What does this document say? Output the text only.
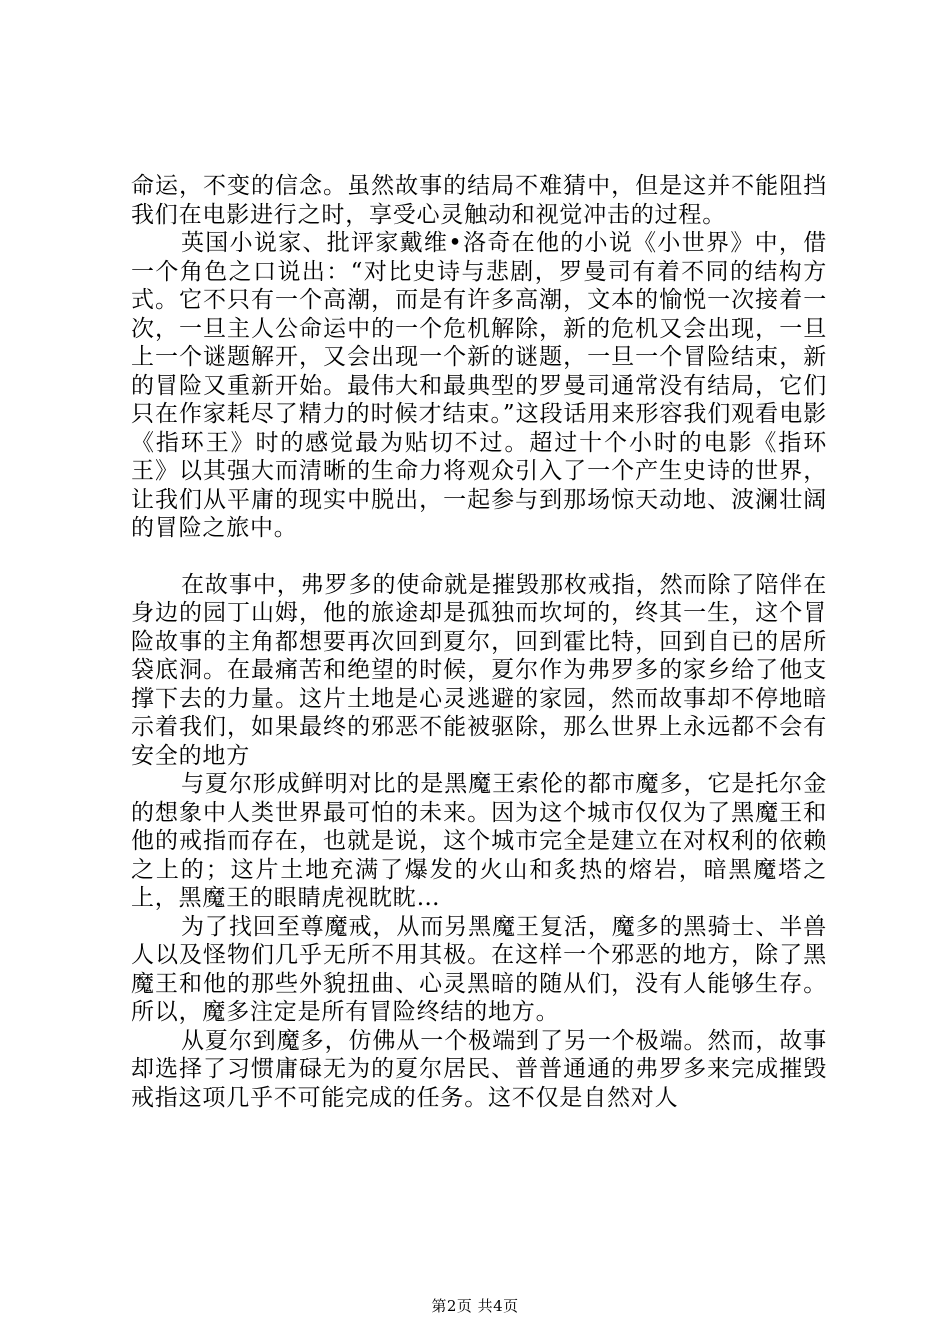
命运，不变的信念。虽然故事的结局不难猜中，但是这并不能阻挡我们在电影进行之时，享受心灵触动和视觉冲击的过程。

英国小说家、批评家戴维•洛奇在他的小说《小世界》中，借一个角色之口说出：“对比史诗与悲剧，罗曼司有着不同的结构方式。它不只有一个高潮，而是有许多高潮，文本的愉悦一次接着一次，一旦主人公命运中的一个危机解除，新的危机又会出现，一旦上一个谜题解开，又会出现一个新的谜题，一旦一个冒险结束，新的冒险又重新开始。最伟大和最典型的罗曼司通常没有结局，它们只在作家耗尽了精力的时候才结束。”这段话用来形容我们观看电影《指环王》时的感觉最为贴切不过。超过十个小时的电影《指环王》以其强大而清晰的生命力将观众引入了一个产生史诗的世界，让我们从平庸的现实中脱出，一起参与到那场惊天动地、波澜壮阔的冒险之旅中。

在故事中，弗罗多的使命就是摧毁那枚戒指，然而除了陪伴在身边的园丁山姆，他的旅途却是孤独而坎坷的，终其一生，这个冒险故事的主角都想要再次回到夏尔，回到霍比特，回到自已的居所袋底洞。在最痛苦和绝望的时候，夏尔作为弗罗多的家乡给了他支撑下去的力量。这片土地是心灵逃避的家园，然而故事却不停地暗示着我们，如果最终的邪恶不能被驱除，那么世界上永远都不会有安全的地方

与夏尔形成鲜明对比的是黑魔王索伦的都市魔多，它是托尔金的想象中人类世界最可怕的未来。因为这个城市仅仅为了黑魔王和他的戒指而存在，也就是说，这个城市完全是建立在对权利的依赖之上的；这片土地充满了爆发的火山和炙热的熔岩，暗黑魔塔之上，黑魔王的眼睛虎视眈眈…

为了找回至尊魔戒，从而另黑魔王复活，魔多的黑骑士、半兽人以及怪物们几乎无所不用其极。在这样一个邪恶的地方，除了黑魔王和他的那些外貌扭曲、心灵黑暗的随从们，没有人能够生存。所以，魔多注定是所有冒险终结的地方。

从夏尔到魔多，仿佛从一个极端到了另一个极端。然而，故事却选择了习惯庸碌无为的夏尔居民、普普通通的弗罗多来完成摧毁戒指这项几乎不可能完成的任务。这不仅是自然对人

第2页 共4页
